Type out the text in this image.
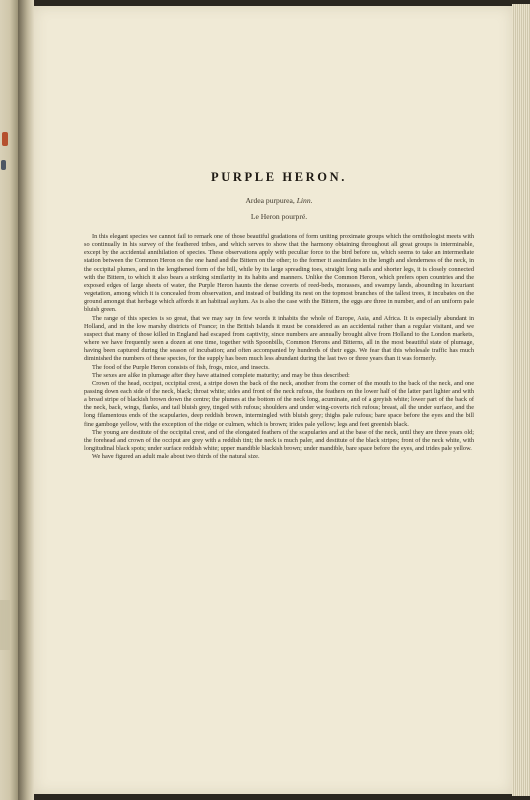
PURPLE HERON.
Ardea purpurea, Linn.
Le Heron pourpré.

In this elegant species we cannot fail to remark one of those beautiful gradations of form uniting proximate groups which the ornithologist meets with so continually in his survey of the feathered tribes, and which serves to show that the harmony obtaining throughout all great groups is interminable, except by the accidental annihilation of species. These observations apply with peculiar force to the bird before us, which seems to take an intermediate station between the Common Heron on the one hand and the Bittern on the other; to the former it assimilates in the length and slenderness of the neck, in the occipital plumes, and in the lengthened form of the bill, while by its large spreading toes, straight long nails and shorter legs, it is closely connected with the Bittern, to which it also bears a striking similarity in its habits and manners. Unlike the Common Heron, which prefers open countries and the exposed edges of large sheets of water, the Purple Heron haunts the dense coverts of reed-beds, morasses, and swampy lands, abounding in luxuriant vegetation, among which it is concealed from observation, and instead of building its nest on the topmost branches of the tallest trees, it incubates on the ground amongst that herbage which affords it an habitual asylum. As is also the case with the Bittern, the eggs are three in number, and of an uniform pale bluish green.

The range of this species is so great, that we may say in few words it inhabits the whole of Europe, Asia, and Africa. It is especially abundant in Holland, and in the low marshy districts of France; in the British Islands it must be considered as an accidental rather than a regular visitant, and we suspect that many of those killed in England had escaped from captivity, since numbers are annually brought alive from Holland to the London markets, where we have frequently seen a dozen at one time, together with Spoonbills, Common Herons and Bitterns, all in the most beautiful state of plumage, having been captured during the season of incubation; and often accompanied by hundreds of their eggs. We fear that this wholesale traffic has much diminished the numbers of these species, for the supply has been much less abundant during the last two or three years than it was formerly.

The food of the Purple Heron consists of fish, frogs, mice, and insects.

The sexes are alike in plumage after they have attained complete maturity; and may be thus described:

Crown of the head, occiput, occipital crest, a stripe down the back of the neck, another from the corner of the mouth to the back of the neck, and one passing down each side of the neck, black; throat white; sides and front of the neck rufous, the feathers on the lower half of the latter part lighter and with a broad stripe of blackish brown down the centre; the plumes at the bottom of the neck long, acuminate, and of a greyish white; lower part of the back of the neck, back, wings, flanks, and tail bluish grey, tinged with rufous; shoulders and under wing-coverts rich rufous; breast, all the under surface, and the long filamentous ends of the scapularies, deep reddish brown, intermingled with bluish grey; thighs pale rufous; bare space before the eyes and the bill fine gamboge yellow, with the exception of the ridge or culmen, which is brown; irides pale yellow; legs and feet greenish black.

The young are destitute of the occipital crest, and of the elongated feathers of the scapularies and at the base of the neck, until they are three years old; the forehead and crown of the occiput are grey with a reddish tint; the neck is much paler, and destitute of the black stripes; front of the neck white, with longitudinal black spots; under surface reddish white; upper mandible blackish brown; under mandible, bare space before the eyes, and irides pale yellow.

We have figured an adult male about two thirds of the natural size.
